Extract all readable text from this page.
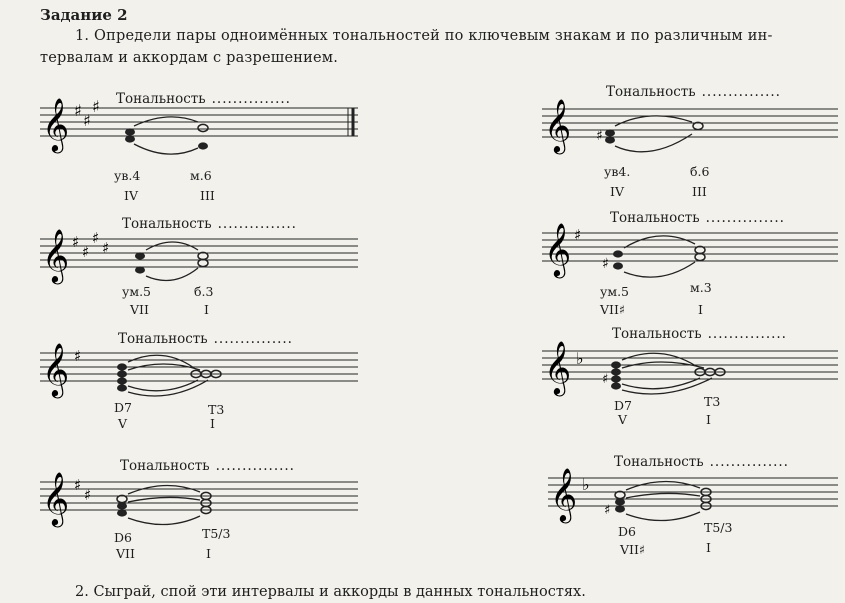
Задание 2
1. Определи пары одноимённых тональностей по ключевым знакам и по различным ин-
тервалам и аккордам с разрешением.
Тональность ...............
𝄞 ♯
♯
♯
ув.4	м.6
IV	III
Тональность ...............
𝄞 ♯
ув4.	б.6
IV	III
Тональность ...............
𝄞 ♯
♯
♯
♯
ум.5	б.3
VII	I
Тональность ...............
𝄞 ♯
♯
ум.5	м.3
VII♯	I
Тональность ...............
𝄞 ♯
D7	T3
V	I
Тональность ...............
𝄞 ♭
♯
D7	T3
V	I
Тональность ...............
𝄞 ♯
♯
D6	T5/3
VII	I
Тональность ...............
𝄞 ♭
♯
D6	T5/3
VII♯	I
2. Сыграй, спой эти интервалы и аккорды в данных тональностях.
